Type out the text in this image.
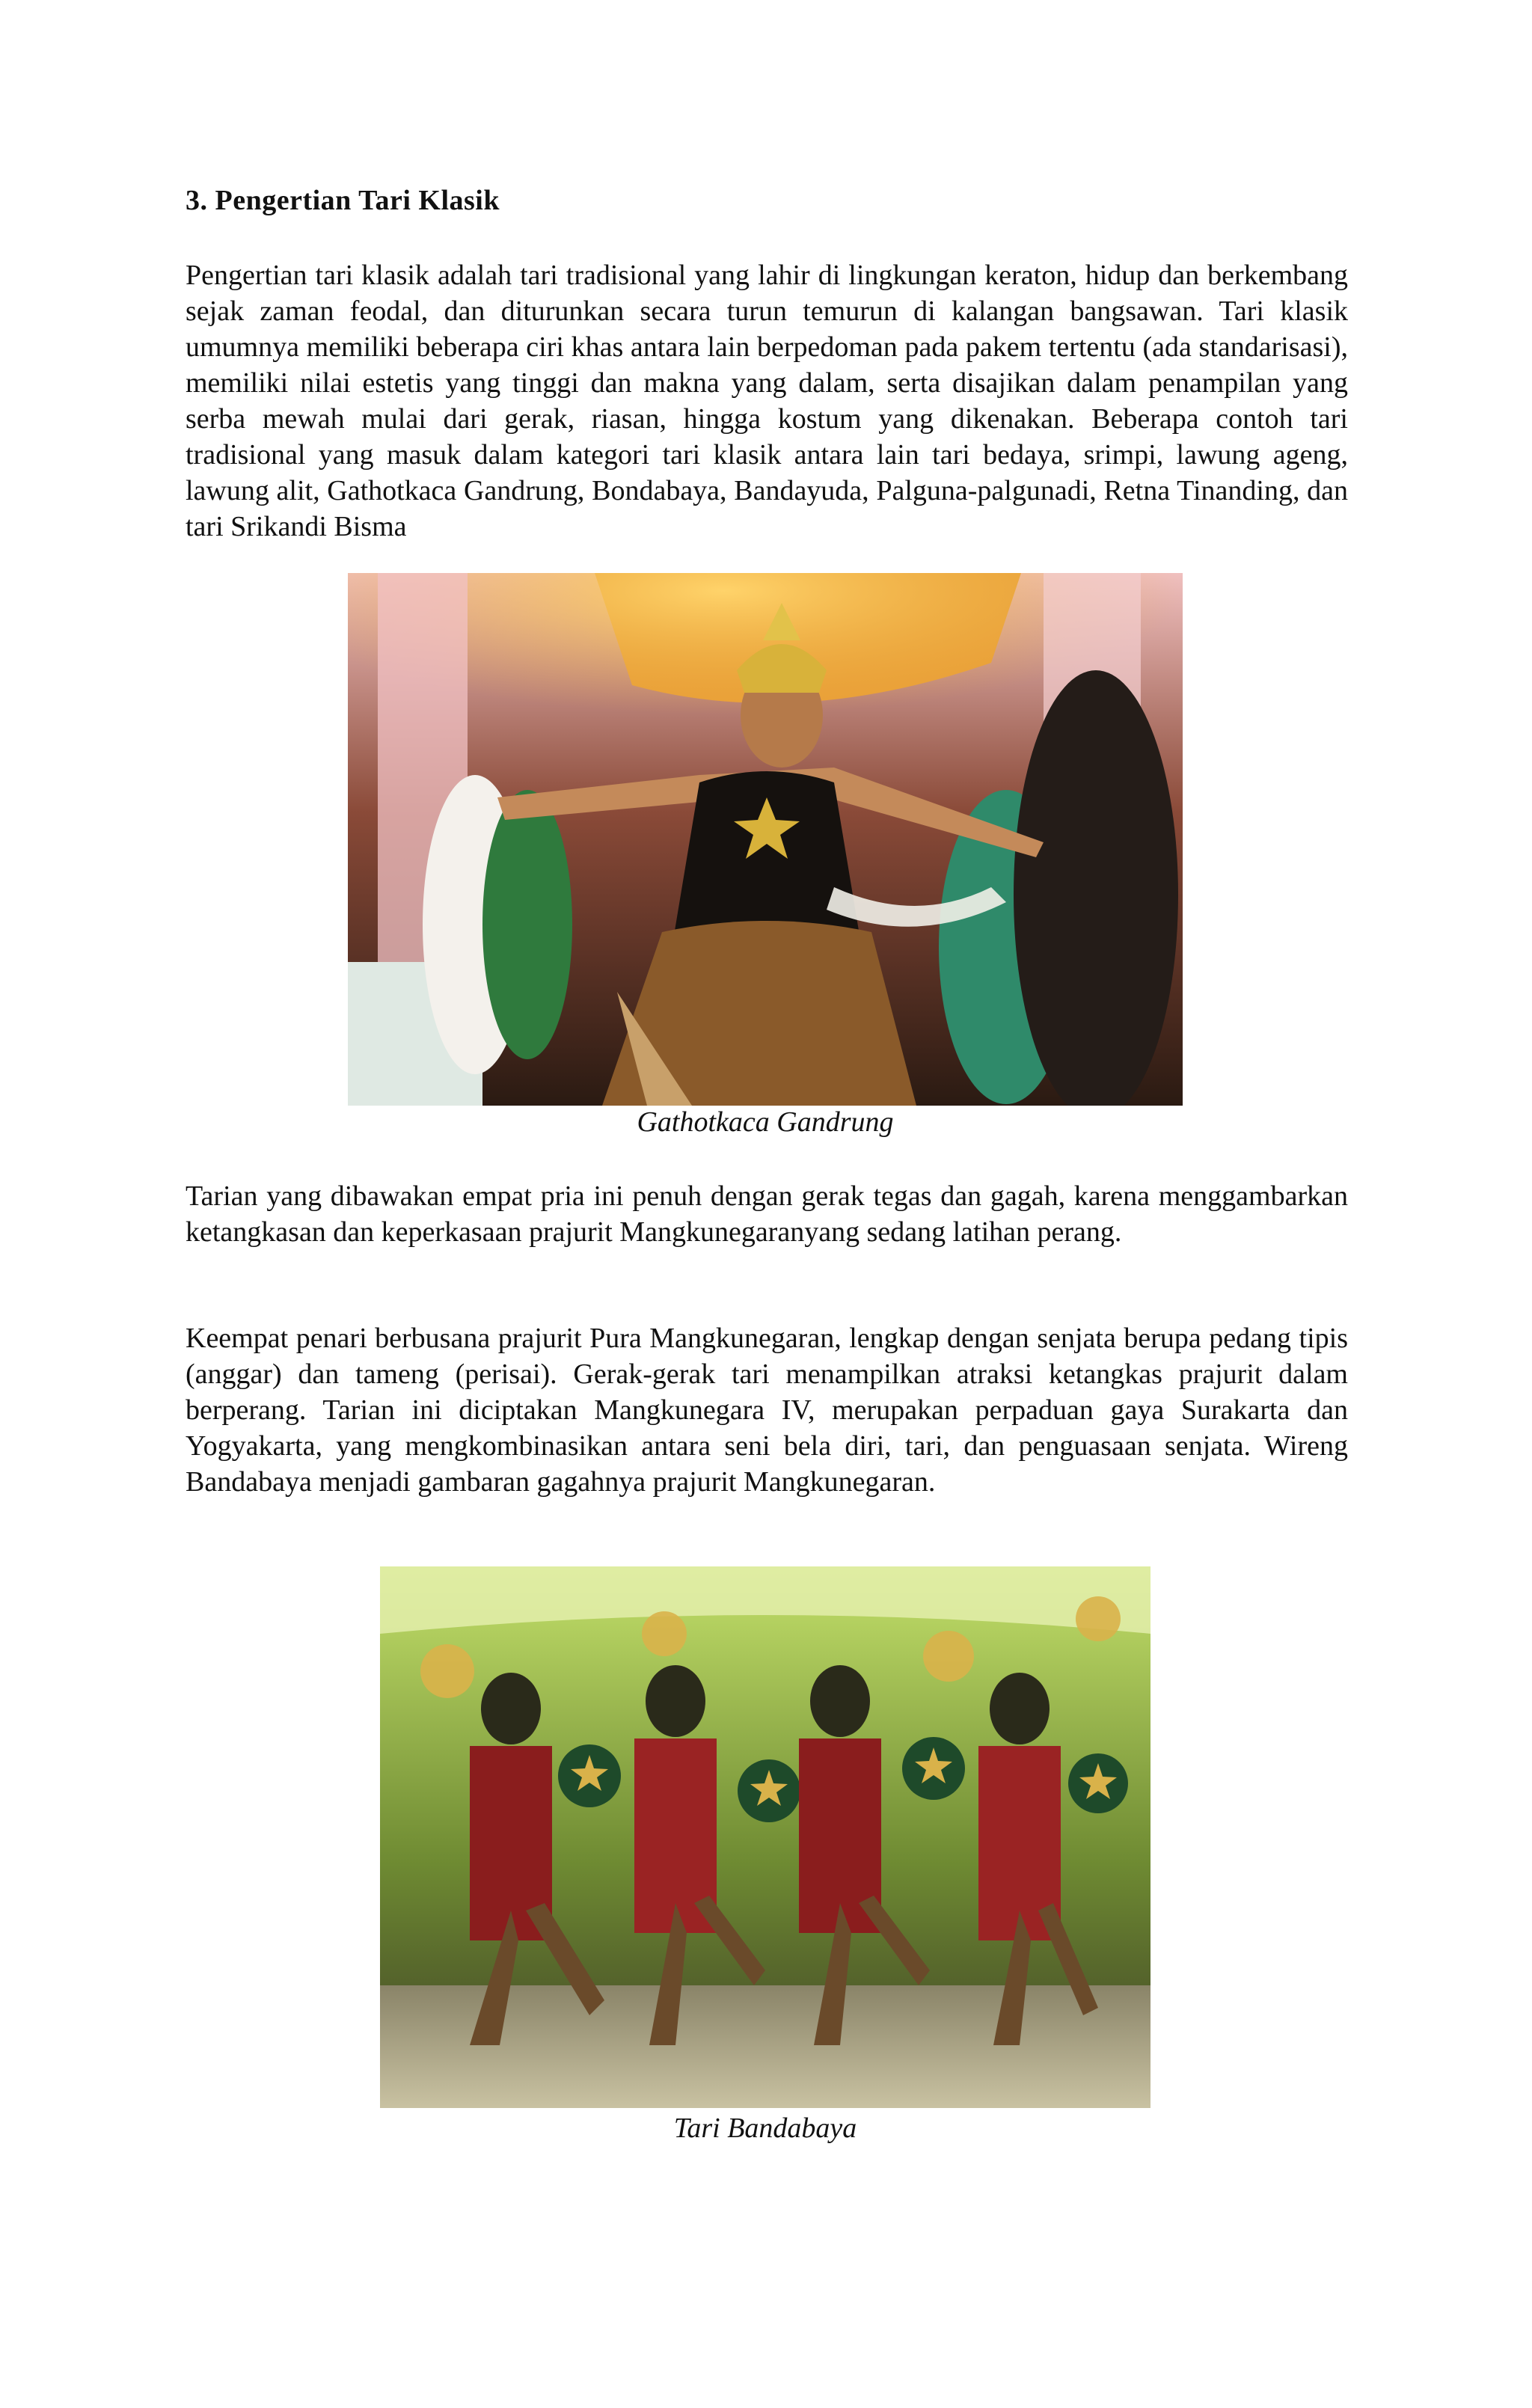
3. Pengertian Tari Klasik

Pengertian tari klasik adalah tari tradisional yang lahir di lingkungan keraton, hidup dan berkembang sejak zaman feodal, dan diturunkan secara turun temurun di kalangan bangsawan. Tari klasik umumnya memiliki beberapa ciri khas antara lain berpedoman pada pakem tertentu (ada standarisasi), memiliki nilai estetis yang tinggi dan makna yang dalam, serta disajikan dalam penampilan yang serba mewah mulai dari gerak, riasan, hingga kostum yang dikenakan. Beberapa contoh tari tradisional yang masuk dalam kategori tari klasik antara lain tari bedaya, srimpi, lawung ageng, lawung alit, Gathotkaca Gandrung, Bondabaya, Bandayuda, Palguna-palgunadi, Retna Tinanding, dan tari Srikandi Bisma

Gathotkaca Gandrung

Tarian yang dibawakan empat pria ini penuh dengan gerak tegas dan gagah, karena menggambarkan ketangkasan dan keperkasaan prajurit Mangkunegaranyang sedang latihan perang.

Keempat penari berbusana prajurit Pura Mangkunegaran, lengkap dengan senjata berupa pedang tipis (anggar) dan tameng (perisai). Gerak-gerak tari menampilkan atraksi ketangkas prajurit dalam berperang. Tarian ini diciptakan Mangkunegara IV, merupakan perpaduan gaya Surakarta dan Yogyakarta, yang mengkombinasikan antara seni bela diri, tari, dan penguasaan senjata. Wireng Bandabaya menjadi gambaran gagahnya prajurit Mangkunegaran.

Tari Bandabaya
